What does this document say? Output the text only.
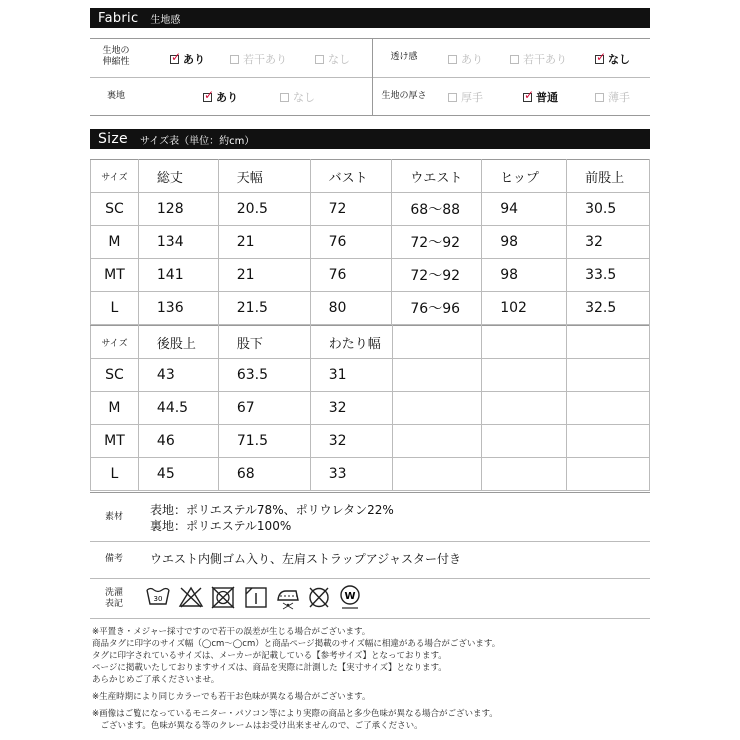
Fabric 生地感
生地の
伸縮性 ✓	あり	若干あり	なし	透け感	あり	若干あり ✓	なし
裏地 ✓	あり	なし	生地の厚さ	厚手 ✓	普通	薄手
Size サイズ表（単位：約cm）
サイズ	総丈	天幅	バスト	ウエスト	ヒップ	前股上
SC	128	20.5	72	68〜88	94	30.5
M	134	21	76	72〜92	98	32
MT	141	21	76	72〜92	98	33.5
L	136	21.5	80	76〜96	102	32.5
サイズ	後股上	股下	わたり幅			
SC	43	63.5	31			
M	44.5	67	32			
MT	46	71.5	32			
L	45	68	33			
素材	表地：ポリエステル78%、ポリウレタン22%
裏地：ポリエステル100%
備考	ウエスト内側ゴム入り、左肩ストラップアジャスター付き
洗濯
表記	30	W
※平置き・メジャー採寸ですので若干の誤差が生じる場合がございます。
商品タグに印字のサイズ幅（◯cm〜◯cm）と商品ページ掲載のサイズ幅に相違がある場合がございます。
タグに印字されているサイズは、メーカーが記載している【参考サイズ】となっております。
ページに掲載いたしておりますサイズは、商品を実際に計測した【実寸サイズ】となります。
あらかじめご了承くださいませ。
※生産時期により同じカラーでも若干お色味が異なる場合がございます。
※画像はご覧になっているモニター・パソコン等により実際の商品と多少色味が異なる場合がございます。
　ございます。色味が異なる等のクレームはお受け出来ませんので、ご了承ください。
